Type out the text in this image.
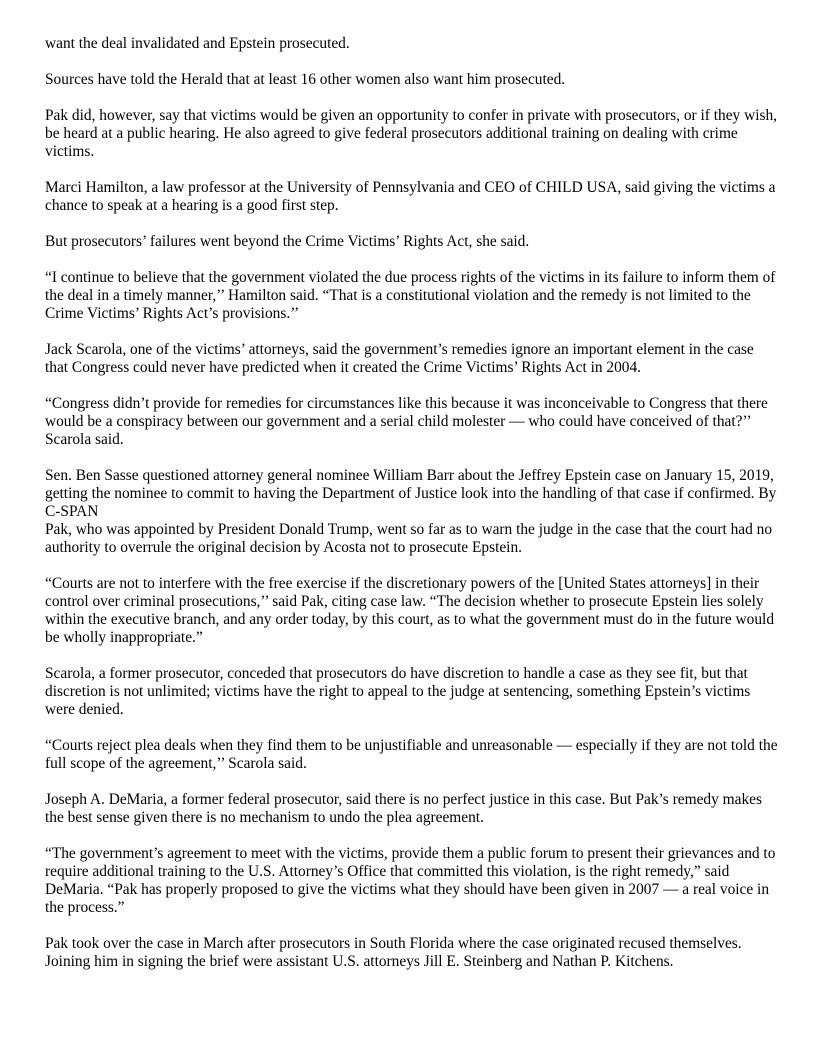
want the deal invalidated and Epstein prosecuted.

Sources have told the Herald that at least 16 other women also want him prosecuted.

Pak did, however, say that victims would be given an opportunity to confer in private with prosecutors, or if they wish, be heard at a public hearing. He also agreed to give federal prosecutors additional training on dealing with crime victims.

Marci Hamilton, a law professor at the University of Pennsylvania and CEO of CHILD USA, said giving the victims a chance to speak at a hearing is a good first step.

But prosecutors’ failures went beyond the Crime Victims’ Rights Act, she said.

“I continue to believe that the government violated the due process rights of the victims in its failure to inform them of the deal in a timely manner,’’ Hamilton said. “That is a constitutional violation and the remedy is not limited to the Crime Victims’ Rights Act’s provisions.’’

Jack Scarola, one of the victims’ attorneys, said the government’s remedies ignore an important element in the case that Congress could never have predicted when it created the Crime Victims’ Rights Act in 2004.

“Congress didn’t provide for remedies for circumstances like this because it was inconceivable to Congress that there would be a conspiracy between our government and a serial child molester — who could have conceived of that?’’ Scarola said.

Sen. Ben Sasse questioned attorney general nominee William Barr about the Jeffrey Epstein case on January 15, 2019, getting the nominee to commit to having the Department of Justice look into the handling of that case if confirmed. By C-SPAN

Pak, who was appointed by President Donald Trump, went so far as to warn the judge in the case that the court had no authority to overrule the original decision by Acosta not to prosecute Epstein.

“Courts are not to interfere with the free exercise if the discretionary powers of the [United States attorneys] in their control over criminal prosecutions,’’ said Pak, citing case law. “The decision whether to prosecute Epstein lies solely within the executive branch, and any order today, by this court, as to what the government must do in the future would be wholly inappropriate.”

Scarola, a former prosecutor, conceded that prosecutors do have discretion to handle a case as they see fit, but that discretion is not unlimited; victims have the right to appeal to the judge at sentencing, something Epstein’s victims were denied.

“Courts reject plea deals when they find them to be unjustifiable and unreasonable — especially if they are not told the full scope of the agreement,’’ Scarola said.

Joseph A. DeMaria, a former federal prosecutor, said there is no perfect justice in this case. But Pak’s remedy makes the best sense given there is no mechanism to undo the plea agreement.

“The government’s agreement to meet with the victims, provide them a public forum to present their grievances and to require additional training to the U.S. Attorney’s Office that committed this violation, is the right remedy,” said DeMaria. “Pak has properly proposed to give the victims what they should have been given in 2007 — a real voice in the process.”

Pak took over the case in March after prosecutors in South Florida where the case originated recused themselves. Joining him in signing the brief were assistant U.S. attorneys Jill E. Steinberg and Nathan P. Kitchens.
